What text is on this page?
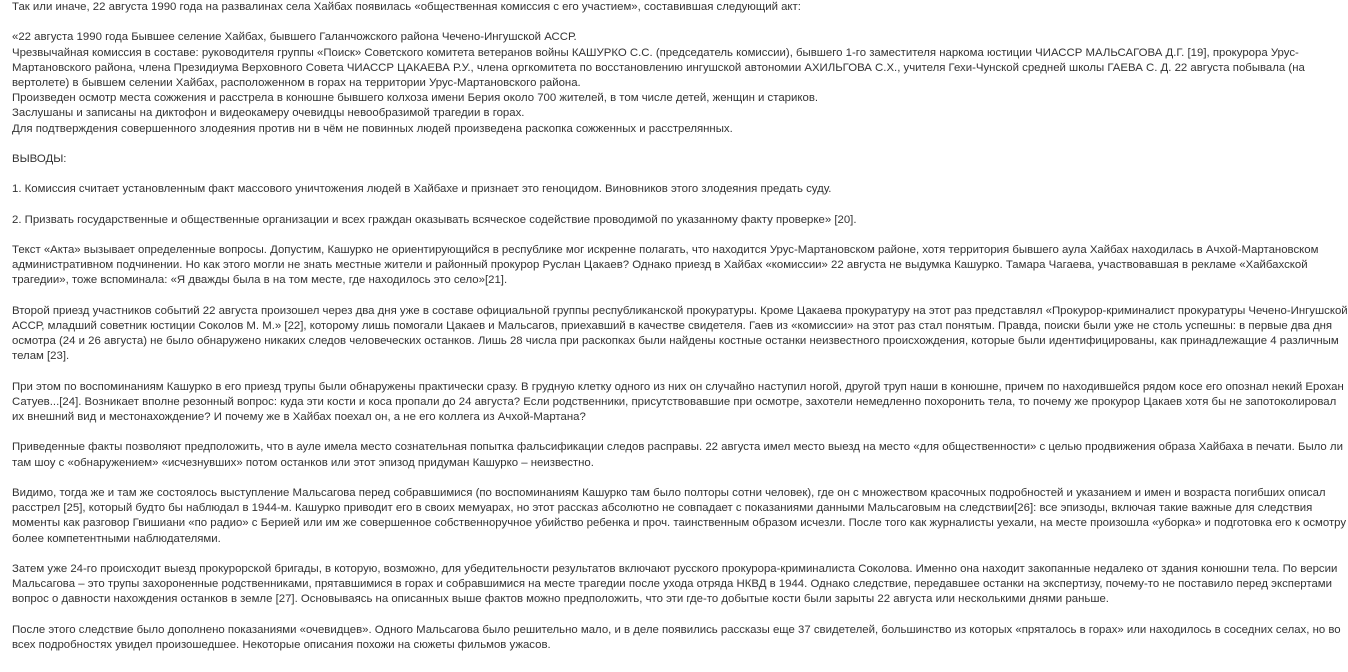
Так или иначе, 22 августа 1990 года на развалинах села Хайбах появилась «общественная комиссия с его участием», составившая следующий акт:
«22 августа 1990 года Бывшее селение Хайбах, бывшего Галанчожского района Чечено-Ингушской АССР.
Чрезвычайная комиссия в составе: руководителя группы «Поиск» Советского комитета ветеранов войны КАШУРКО С.С. (председатель комиссии), бывшего 1-го заместителя наркома юстиции ЧИАССР МАЛЬСАГОВА Д.Г. [19], прокурора Урус-
Мартановского района, члена Президиума Верховного Совета ЧИАССР ЦАКАЕВА Р.У., члена оргкомитета по восстановлению ингушской автономии АХИЛЬГОВА С.Х., учителя Гехи-Чунской средней школы ГАЕВА С. Д. 22 августа побывала (на
вертолете) в бывшем селении Хайбах, расположенном в горах на территории Урус-Мартановского района.
Произведен осмотр места сожжения и расстрела в конюшне бывшего колхоза имени Берия около 700 жителей, в том числе детей, женщин и стариков.
Заслушаны и записаны на диктофон и видеокамеру очевидцы невообразимой трагедии в горах.
Для подтверждения совершенного злодеяния против ни в чём не повинных людей произведена раскопка сожженных и расстрелянных.
ВЫВОДЫ:
1. Комиссия считает установленным факт массового уничтожения людей в Хайбахе и признает это геноцидом. Виновников этого злодеяния предать суду.
2. Призвать государственные и общественные организации и всех граждан оказывать всяческое содействие проводимой по указанному факту проверке» [20].
Текст «Акта» вызывает определенные вопросы. Допустим, Кашурко не ориентирующийся в республике мог искренне полагать, что находится Урус-Мартановском районе, хотя территория бывшего аула Хайбах находилась в Ачхой-Мартановском
административном подчинении. Но как этого могли не знать местные жители и районный прокурор Руслан Цакаев? Однако приезд в Хайбах «комиссии» 22 августа не выдумка Кашурко. Тамара Чагаева, участвовавшая в рекламе «Хайбахской
трагедии», тоже вспоминала: «Я дважды была в на том месте, где находилось это село»[21].
Второй приезд участников событий 22 августа произошел через два дня уже в составе официальной группы республиканской прокуратуры. Кроме Цакаева прокуратуру на этот раз представлял «Прокурор-криминалист прокуратуры Чечено-Ингушской
АССР, младший советник юстиции Соколов М. М.» [22], которому лишь помогали Цакаев и Мальсагов, приехавший в качестве свидетеля. Гаев из «комиссии» на этот раз стал понятым. Правда, поиски были уже не столь успешны: в первые два дня
осмотра (24 и 26 августа) не было обнаружено никаких следов человеческих останков. Лишь 28 числа при раскопках были найдены костные останки неизвестного происхождения, которые были идентифицированы, как принадлежащие 4 различным
телам [23].
При этом по воспоминаниям Кашурко в его приезд трупы были обнаружены практически сразу. В грудную клетку одного из них он случайно наступил ногой, другой труп наши в конюшне, причем по находившейся рядом косе его опознал некий Ерохан
Сатуев...[24]. Возникает вполне резонный вопрос: куда эти кости и коса пропали до 24 августа? Если родственники, присутствовавшие при осмотре, захотели немедленно похоронить тела, то почему же прокурор Цакаев хотя бы не запотоколировал
их внешний вид и местонахождение? И почему же в Хайбах поехал он, а не его коллега из Ачхой-Мартана?
Приведенные факты позволяют предположить, что в ауле имела место сознательная попытка фальсификации следов расправы. 22 августа имел место выезд на место «для общественности» с целью продвижения образа Хайбаха в печати. Было ли
там шоу с «обнаружением» «исчезнувших» потом останков или этот эпизод придуман Кашурко – неизвестно.
Видимо, тогда же и там же состоялось выступление Мальсагова перед собравшимися (по воспоминаниям Кашурко там было полторы сотни человек), где он с множеством красочных подробностей и указанием и имен и возраста погибших описал
расстрел [25], который будто бы наблюдал в 1944-м. Кашурко приводит его в своих мемуарах, но этот рассказ абсолютно не совпадает с показаниями данными Мальсаговым на следствии[26]: все эпизоды, включая такие важные для следствия
моменты как разговор Гвишиани «по радио» с Берией или им же совершенное собственноручное убийство ребенка и проч. таинственным образом исчезли. После того как журналисты уехали, на месте произошла «уборка» и подготовка его к осмотру
более компетентными наблюдателями.
Затем уже 24-го происходит выезд прокурорской бригады, в которую, возможно, для убедительности результатов включают русского прокурора-криминалиста Соколова. Именно она находит закопанные недалеко от здания конюшни тела. По версии
Мальсагова – это трупы захороненные родственниками, прятавшимися в горах и собравшимися на месте трагедии после ухода отряда НКВД в 1944. Однако следствие, передавшее останки на экспертизу, почему-то не поставило перед экспертами
вопрос о давности нахождения останков в земле [27]. Основываясь на описанных выше фактов можно предположить, что эти где-то добытые кости были зарыты 22 августа или несколькими днями раньше.
После этого следствие было дополнено показаниями «очевидцев». Одного Мальсагова было решительно мало, и в деле появились рассказы еще 37 свидетелей, большинство из которых «пряталось в горах» или находилось в соседних селах, но во
всех подробностях увидел произошедшее. Некоторые описания похожи на сюжеты фильмов ужасов.
